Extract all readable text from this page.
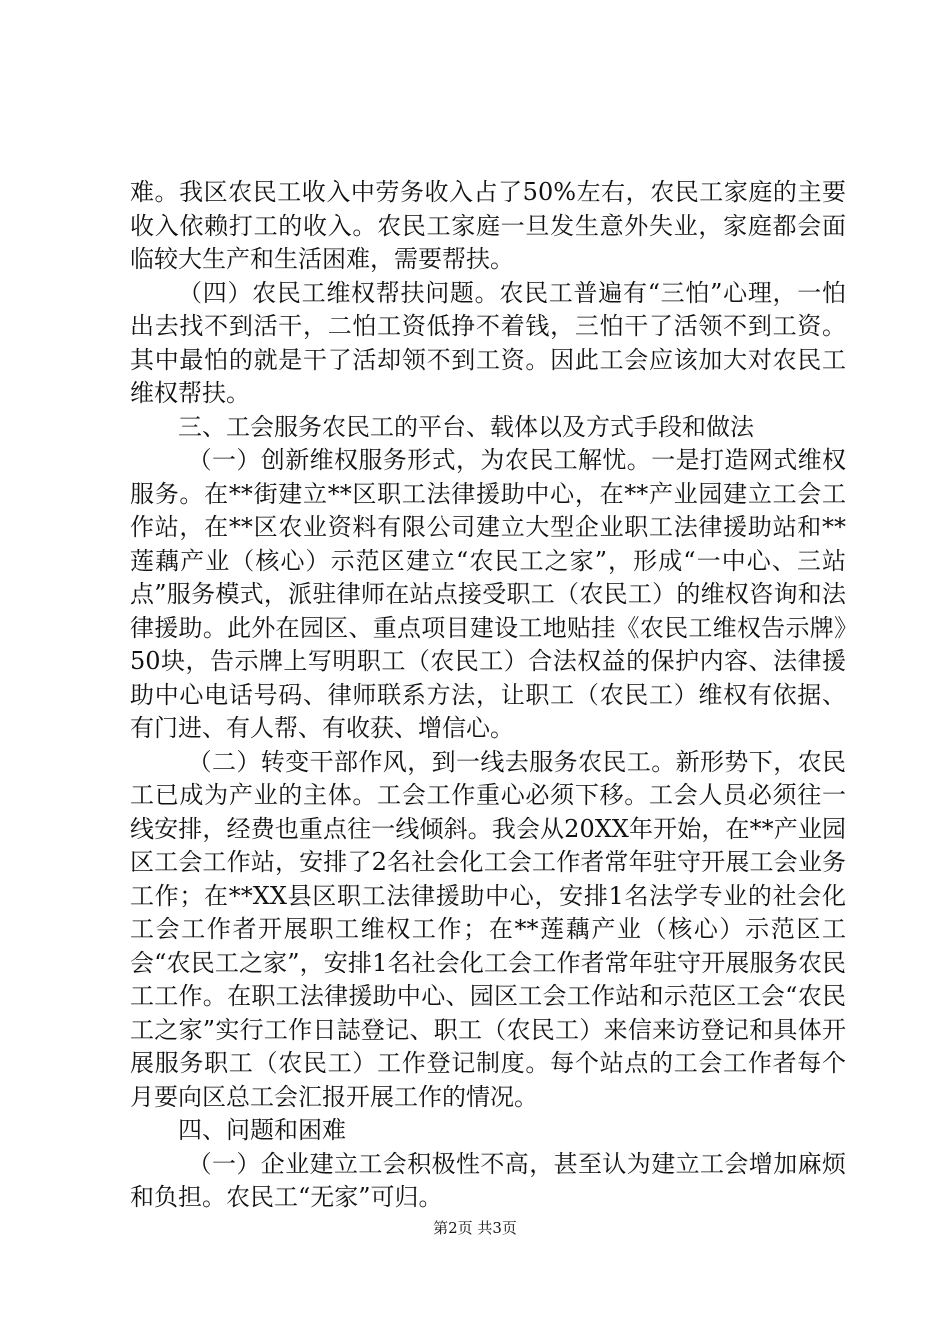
难。我区农民工收入中劳务收入占了50%左右，农民工家庭的主要收入依赖打工的收入。农民工家庭一旦发生意外失业，家庭都会面临较大生产和生活困难，需要帮扶。

（四）农民工维权帮扶问题。农民工普遍有“三怕”心理，一怕出去找不到活干，二怕工资低挣不着钱，三怕干了活领不到工资。其中最怕的就是干了活却领不到工资。因此工会应该加大对农民工维权帮扶。

三、工会服务农民工的平台、载体以及方式手段和做法

（一）创新维权服务形式，为农民工解忧。一是打造网式维权服务。在**街建立**区职工法律援助中心，在**产业园建立工会工作站，在**区农业资料有限公司建立大型企业职工法律援助站和**莲藕产业（核心）示范区建立“农民工之家”，形成“一中心、三站点”服务模式，派驻律师在站点接受职工（农民工）的维权咨询和法律援助。此外在园区、重点项目建设工地贴挂《农民工维权告示牌》50块，告示牌上写明职工（农民工）合法权益的保护内容、法律援助中心电话号码、律师联系方法，让职工（农民工）维权有依据、有门进、有人帮、有收获、增信心。

（二）转变干部作风，到一线去服务农民工。新形势下，农民工已成为产业的主体。工会工作重心必须下移。工会人员必须往一线安排，经费也重点往一线倾斜。我会从20XX年开始，在**产业园区工会工作站，安排了2名社会化工会工作者常年驻守开展工会业务工作；在**XX县区职工法律援助中心，安排1名法学专业的社会化工会工作者开展职工维权工作；在**莲藕产业（核心）示范区工会“农民工之家”，安排1名社会化工会工作者常年驻守开展服务农民工工作。在职工法律援助中心、园区工会工作站和示范区工会“农民工之家”实行工作日誌登记、职工（农民工）来信来访登记和具体开展服务职工（农民工）工作登记制度。每个站点的工会工作者每个月要向区总工会汇报开展工作的情况。

四、问题和困难

（一）企业建立工会积极性不高，甚至认为建立工会增加麻烦和负担。农民工“无家”可归。

第2页 共3页
